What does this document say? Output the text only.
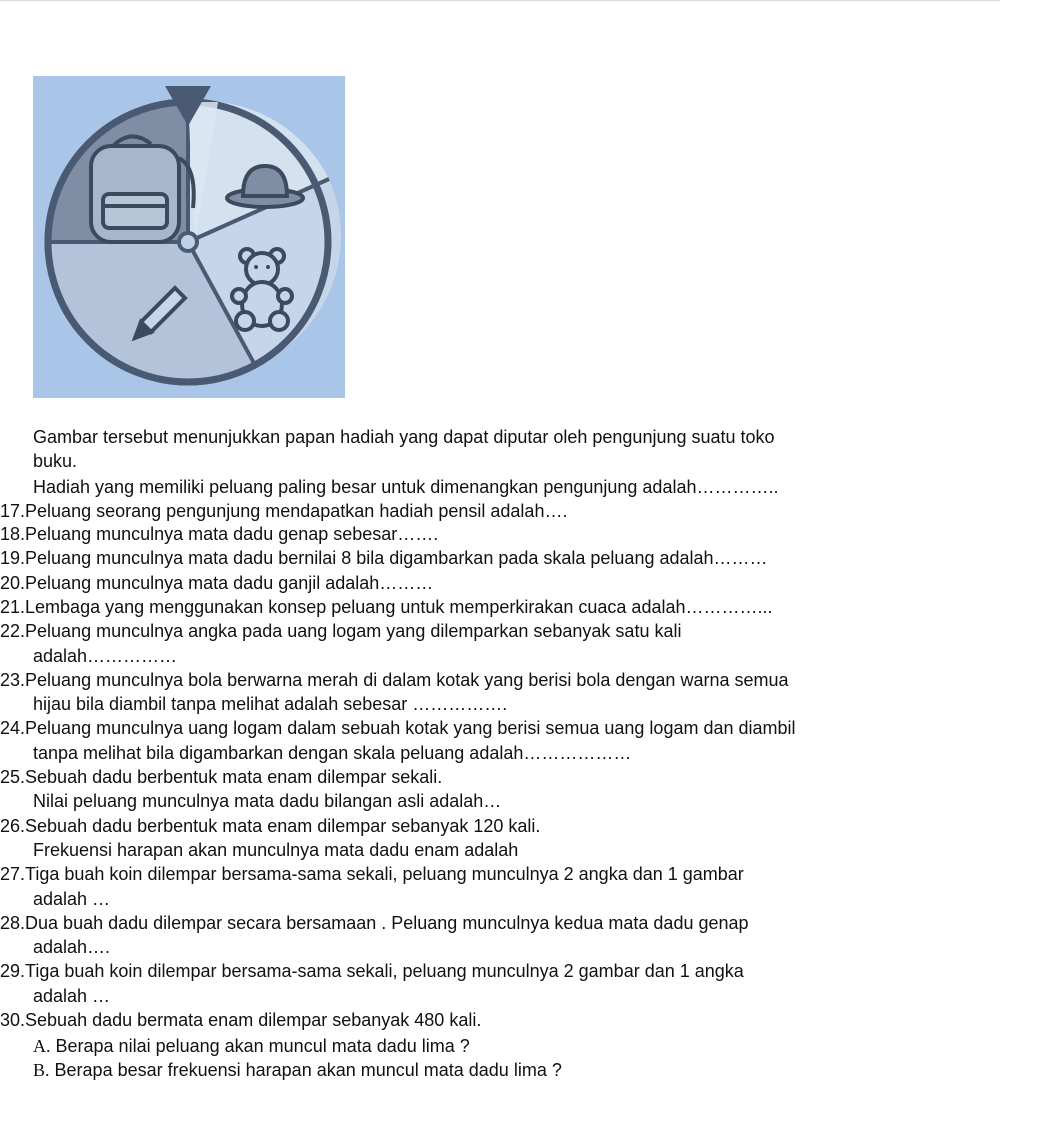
Gambar tersebut menunjukkan papan hadiah yang dapat diputar oleh pengunjung suatu toko
buku.
Hadiah yang memiliki peluang paling besar untuk dimenangkan pengunjung adalah…………..
18.Peluang munculnya mata dadu genap sebesar…….
19.Peluang munculnya mata dadu bernilai 8 bila digambarkan pada skala peluang adalah………
20.Peluang munculnya mata dadu ganjil adalah………
21.Lembaga yang menggunakan konsep peluang untuk memperkirakan cuaca adalah…………...
22.Peluang munculnya angka pada uang logam yang dilemparkan sebanyak satu kali
adalah……………
23.Peluang munculnya bola berwarna merah di dalam kotak yang berisi bola dengan warna semua
hijau bila diambil tanpa melihat adalah sebesar …………….
24.Peluang munculnya uang logam dalam sebuah kotak yang berisi semua uang logam dan diambil
tanpa melihat bila digambarkan dengan skala peluang adalah………………
25.Sebuah dadu berbentuk mata enam dilempar sekali.
Nilai peluang munculnya mata dadu bilangan asli adalah…
26.Sebuah dadu berbentuk mata enam dilempar sebanyak 120 kali.
Frekuensi harapan akan munculnya mata dadu enam adalah
27.Tiga buah koin dilempar bersama-sama sekali, peluang munculnya 2 angka dan 1 gambar
adalah …
28.Dua buah dadu dilempar secara bersamaan . Peluang munculnya kedua mata dadu genap
adalah….
29.Tiga buah koin dilempar bersama-sama sekali, peluang munculnya 2 gambar dan 1 angka
adalah …
30.Sebuah dadu bermata enam dilempar sebanyak 480 kali.
17.Peluang seorang pengunjung mendapatkan hadiah pensil adalah….
A. Berapa nilai peluang akan muncul mata dadu lima ?
B. Berapa besar frekuensi harapan akan muncul mata dadu lima ?
